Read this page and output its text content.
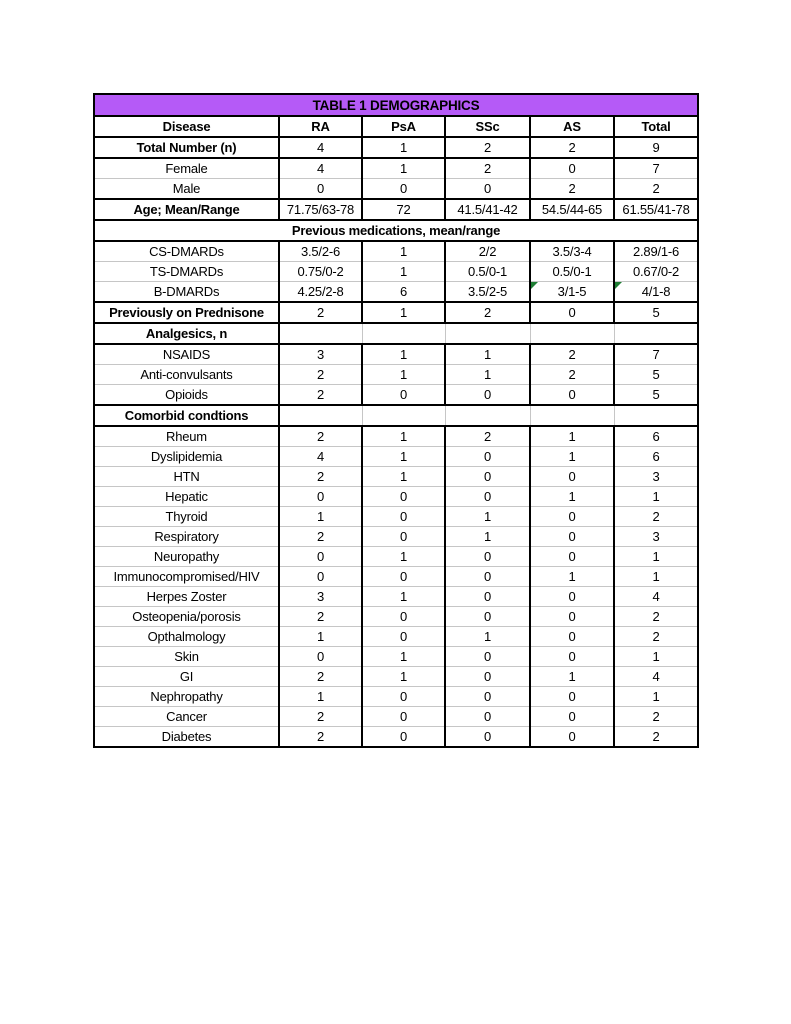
TABLE 1 DEMOGRAPHICS					
Disease	RA	PsA	SSc	AS	Total
Total Number (n)	4	1	2	2	9
Female	4	1	2	0	7
Male	0	0	0	2	2
Age; Mean/Range	71.75/63-78	72	41.5/41-42	54.5/44-65	61.55/41-78
Previous medications, mean/range					
CS-DMARDs	3.5/2-6	1	2/2	3.5/3-4	2.89/1-6
TS-DMARDs	0.75/0-2	1	0.5/0-1	0.5/0-1	0.67/0-2
B-DMARDs	4.25/2-8	6	3.5/2-5	3/1-5	4/1-8

Previously on Prednisone	2	1	2	0	5
Analgesics, n					
NSAIDS	3	1	1	2	7
Anti-convulsants	2	1	1	2	5
Opioids	2	0	0	0	5
Comorbid condtions					
Rheum	2	1	2	1	6
Dyslipidemia	4	1	0	1	6
HTN	2	1	0	0	3
Hepatic	0	0	0	1	1
Thyroid	1	0	1	0	2
Respiratory	2	0	1	0	3
Neuropathy	0	1	0	0	1
Immunocompromised/HIV	0	0	0	1	1
Herpes Zoster	3	1	0	0	4
Osteopenia/porosis	2	0	0	0	2
Opthalmology	1	0	1	0	2
Skin	0	1	0	0	1
GI	2	1	0	1	4
Nephropathy	1	0	0	0	1
Cancer	2	0	0	0	2
Diabetes	2	0	0	0	2
